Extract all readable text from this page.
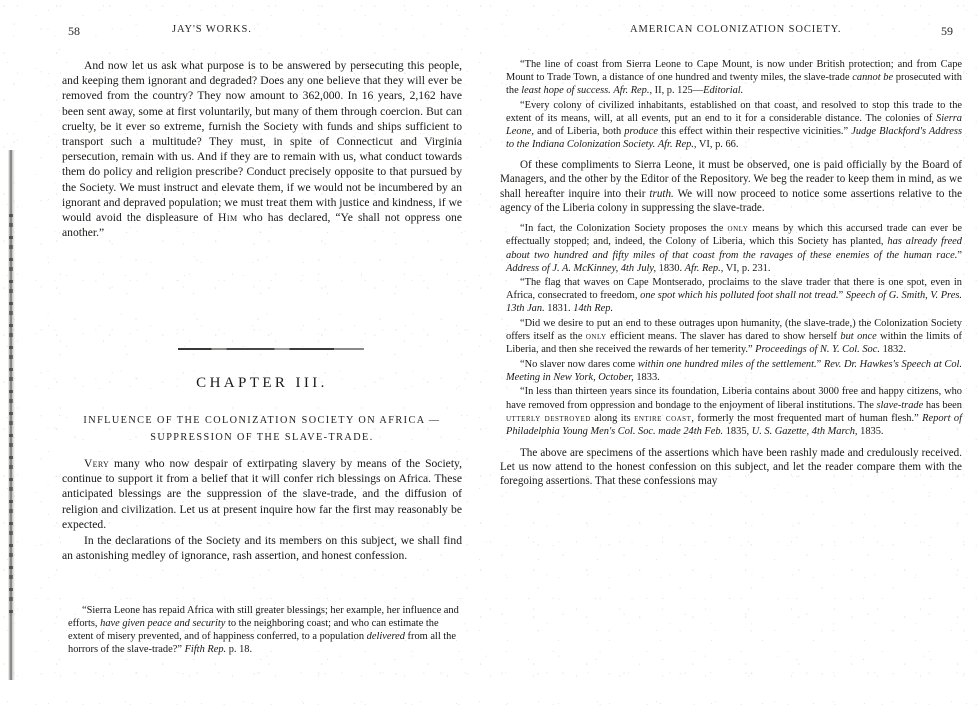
58	JAY'S WORKS.	AMERICAN COLONIZATION SOCIETY.	59

And now let us ask what purpose is to be answered by persecuting this people, and keeping them ignorant and degraded? Does any one believe that they will ever be removed from the country? They now amount to 362,000. In 16 years, 2,162 have been sent away, some at first voluntarily, but many of them through coercion. But can cruelty, be it ever so extreme, furnish the Society with funds and ships sufficient to transport such a multitude? They must, in spite of Connecticut and Virginia persecution, remain with us. And if they are to remain with us, what conduct towards them do policy and religion prescribe? Conduct precisely opposite to that pursued by the Society. We must instruct and elevate them, if we would not be incumbered by an ignorant and depraved population; we must treat them with justice and kindness, if we would avoid the displeasure of Him who has declared, “Ye shall not oppress one another.”

CHAPTER III.
INFLUENCE OF THE COLONIZATION SOCIETY ON AFRICA —
SUPPRESSION OF THE SLAVE-TRADE.

Very many who now despair of extirpating slavery by means of the Society, continue to support it from a belief that it will confer rich blessings on Africa. These anticipated blessings are the suppression of the slave-trade, and the diffusion of religion and civilization. Let us at present inquire how far the first may reasonably be expected.

In the declarations of the Society and its members on this subject, we shall find an astonishing medley of ignorance, rash assertion, and honest confession.

“Sierra Leone has repaid Africa with still greater blessings; her example, her influence and efforts, have given peace and security to the neighboring coast; and who can estimate the extent of misery prevented, and of happiness conferred, to a population delivered from all the horrors of the slave-trade?” Fifth Rep. p. 18.

“The line of coast from Sierra Leone to Cape Mount, is now under British protection; and from Cape Mount to Trade Town, a distance of one hundred and twenty miles, the slave-trade cannot be prosecuted with the least hope of success. Afr. Rep., II, p. 125—Editorial.

“Every colony of civilized inhabitants, established on that coast, and resolved to stop this trade to the extent of its means, will, at all events, put an end to it for a considerable distance. The colonies of Sierra Leone, and of Liberia, both produce this effect within their respective vicinities.” Judge Blackford's Address to the Indiana Colonization Society. Afr. Rep., VI, p. 66.

Of these compliments to Sierra Leone, it must be observed, one is paid officially by the Board of Managers, and the other by the Editor of the Repository. We beg the reader to keep them in mind, as we shall hereafter inquire into their truth. We will now proceed to notice some assertions relative to the agency of the Liberia colony in suppressing the slave-trade.

“In fact, the Colonization Society proposes the only means by which this accursed trade can ever be effectually stopped; and, indeed, the Colony of Liberia, which this Society has planted, has already freed about two hundred and fifty miles of that coast from the ravages of these enemies of the human race.” Address of J. A. McKinney, 4th July, 1830. Afr. Rep., VI, p. 231.

“The flag that waves on Cape Montserado, proclaims to the slave trader that there is one spot, even in Africa, consecrated to freedom, one spot which his polluted foot shall not tread.” Speech of G. Smith, V. Pres. 13th Jan. 1831. 14th Rep.

“Did we desire to put an end to these outrages upon humanity, (the slave-trade,) the Colonization Society offers itself as the only efficient means. The slaver has dared to show herself but once within the limits of Liberia, and then she received the rewards of her temerity.” Proceedings of N. Y. Col. Soc. 1832.

“No slaver now dares come within one hundred miles of the settlement.” Rev. Dr. Hawkes's Speech at Col. Meeting in New York, October, 1833.

“In less than thirteen years since its foundation, Liberia contains about 3000 free and happy citizens, who have removed from oppression and bondage to the enjoyment of liberal institutions. The slave-trade has been utterly destroyed along its entire coast, formerly the most frequented mart of human flesh.” Report of Philadelphia Young Men's Col. Soc. made 24th Feb. 1835, U. S. Gazette, 4th March, 1835.

The above are specimens of the assertions which have been rashly made and credulously received. Let us now attend to the honest confession on this subject, and let the reader compare them with the foregoing assertions. That these confessions may
